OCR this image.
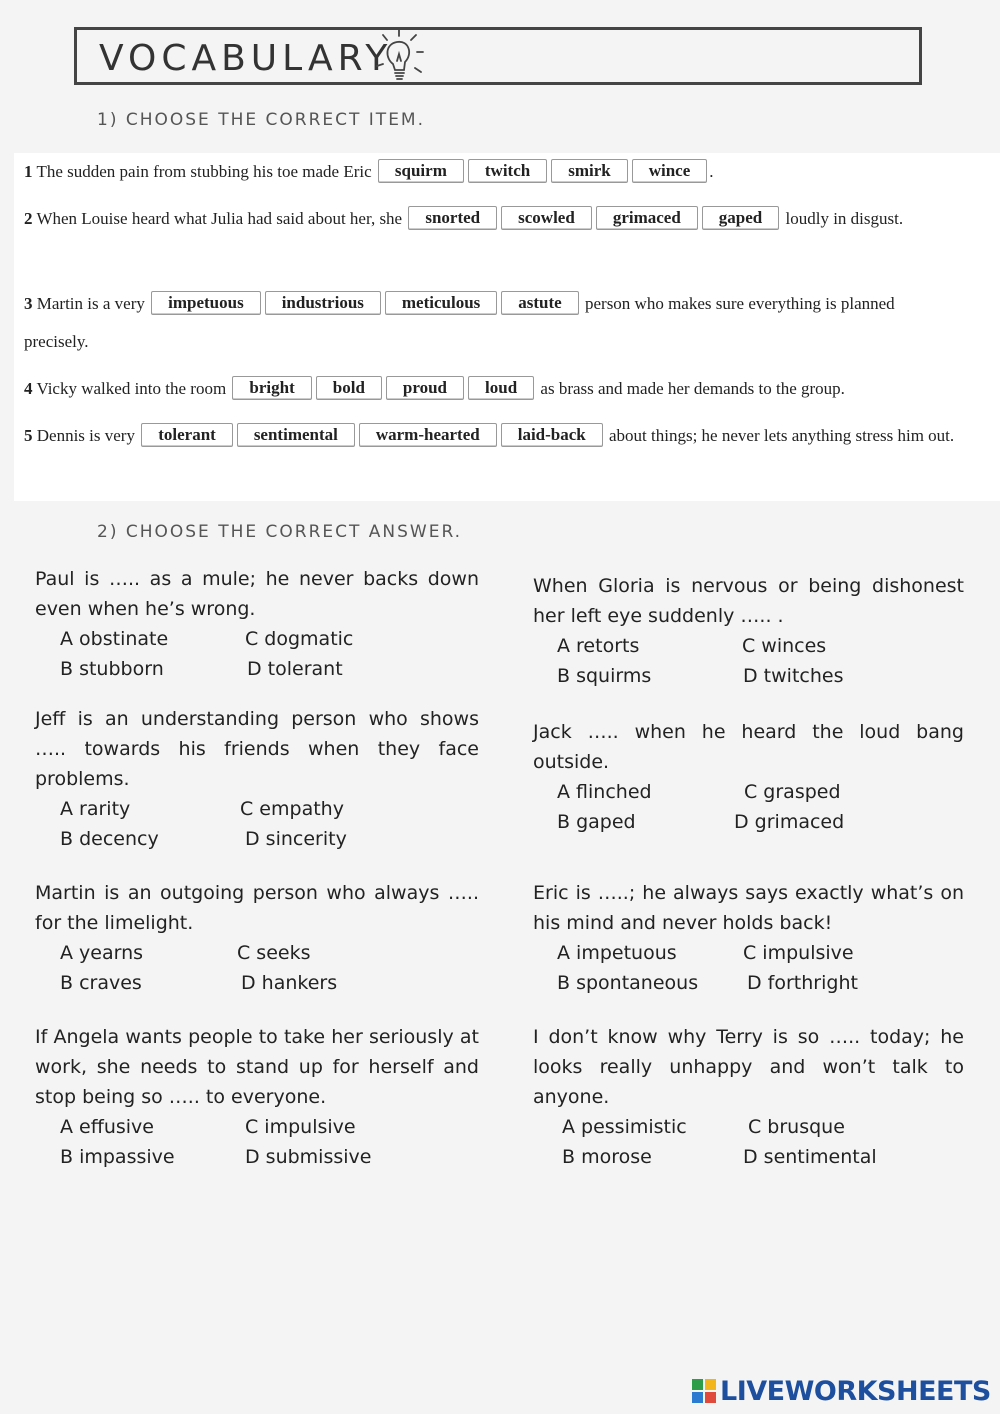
VOCABULARY
1) CHOOSE THE CORRECT ITEM.
1 The sudden pain from stubbing his toe made Eric squirm twitch smirk wince .
2 When Louise heard what Julia had said about her, she snorted scowled grimaced gaped loudly in disgust.
3 Martin is a very impetuous industrious meticulous astute person who makes sure everything is planned precisely.
4 Vicky walked into the room bright bold proud loud as brass and made her demands to the group.
5 Dennis is very tolerant sentimental warm-hearted laid-back about things; he never lets anything stress him out.
2) CHOOSE THE CORRECT ANSWER.
Paul is ….. as a mule; he never backs down even when he’s wrong.
A obstinate	C dogmatic
B stubborn	D tolerant
When Gloria is nervous or being dishonest her left eye suddenly ….. .
A retorts	C winces
B squirms	D twitches
Jeff is an understanding person who shows ….. towards his friends when they face problems.
A rarity	C empathy
B decency	D sincerity
Jack ….. when he heard the loud bang outside.
A flinched	C grasped
B gaped	D grimaced
Martin is an outgoing person who always ….. for the limelight.
A yearns	C seeks
B craves	D hankers
Eric is …..; he always says exactly what’s on his mind and never holds back!
A impetuous	C impulsive
B spontaneous	D forthright
If Angela wants people to take her seriously at work, she needs to stand up for herself and stop being so ….. to everyone.
A effusive	C impulsive
B impassive	D submissive
I don’t know why Terry is so ….. today; he looks really unhappy and won’t talk to anyone.
A pessimistic	C brusque
B morose	D sentimental
LIVEWORKSHEETS
